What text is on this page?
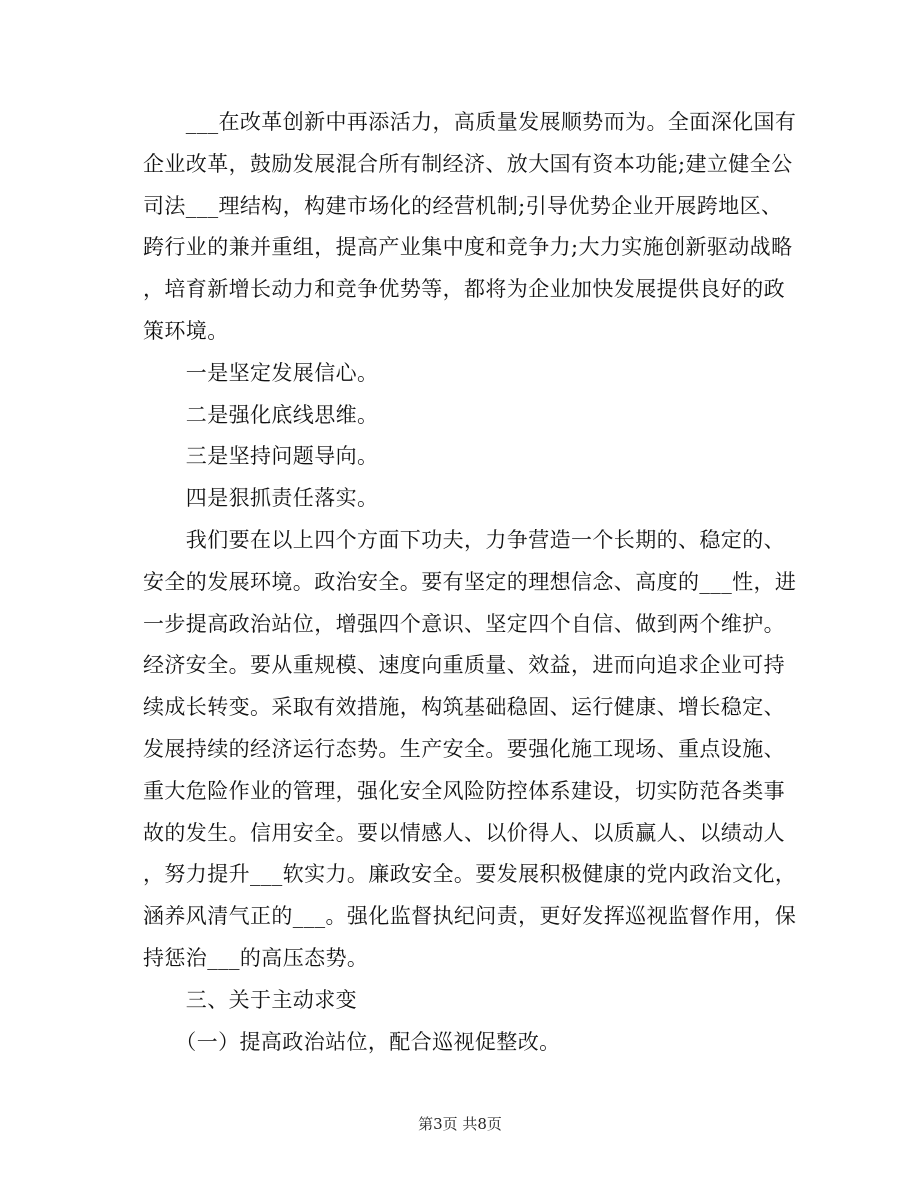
　　___在改革创新中再添活力，高质量发展顺势而为。全面深化国有
企业改革，鼓励发展混合所有制经济、放大国有资本功能;建立健全公
司法___理结构，构建市场化的经营机制;引导优势企业开展跨地区、
跨行业的兼并重组，提高产业集中度和竞争力;大力实施创新驱动战略
，培育新增长动力和竞争优势等，都将为企业加快发展提供良好的政
策环境。
　　一是坚定发展信心。
　　二是强化底线思维。
　　三是坚持问题导向。
　　四是狠抓责任落实。
　　我们要在以上四个方面下功夫，力争营造一个长期的、稳定的、
安全的发展环境。政治安全。要有坚定的理想信念、高度的___性，进
一步提高政治站位，增强四个意识、坚定四个自信、做到两个维护。
经济安全。要从重规模、速度向重质量、效益，进而向追求企业可持
续成长转变。采取有效措施，构筑基础稳固、运行健康、增长稳定、
发展持续的经济运行态势。生产安全。要强化施工现场、重点设施、
重大危险作业的管理，强化安全风险防控体系建设，切实防范各类事
故的发生。信用安全。要以情感人、以价得人、以质赢人、以绩动人
，努力提升___软实力。廉政安全。要发展积极健康的党内政治文化，
涵养风清气正的___。强化监督执纪问责，更好发挥巡视监督作用，保
持惩治___的高压态势。
　　三、关于主动求变
　　（一）提高政治站位，配合巡视促整改。
第3页 共8页
